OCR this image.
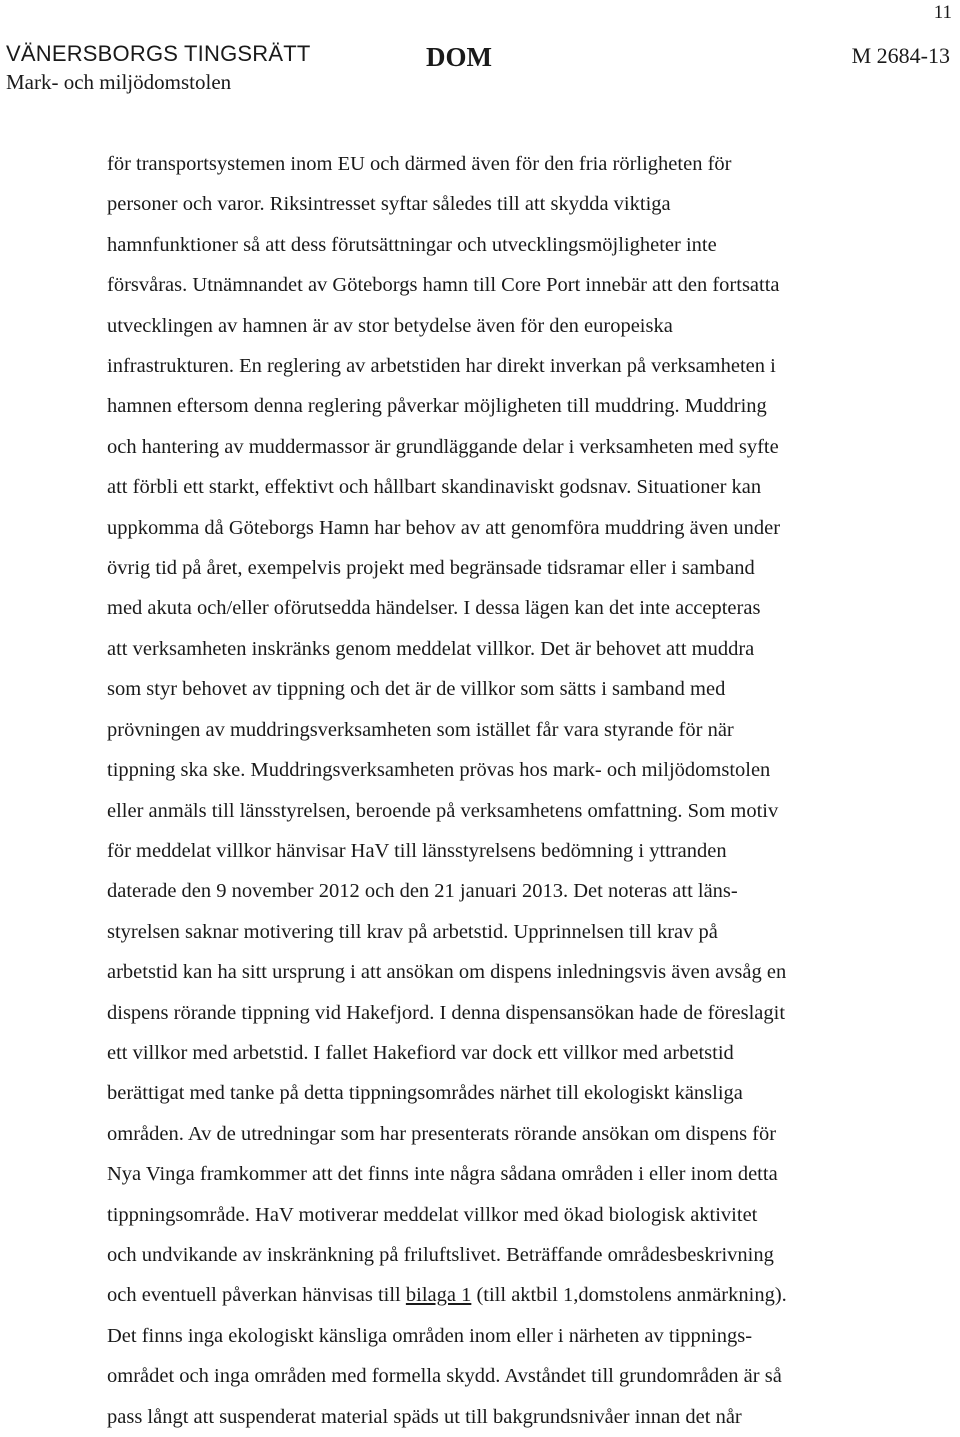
11
VÄNERSBORGS TINGSRÄTT
Mark- och miljödomstolen
DOM	M 2684-13

för transportsystemen inom EU och därmed även för den fria rörligheten för
personer och varor. Riksintresset syftar således till att skydda viktiga
hamnfunktioner så att dess förutsättningar och utvecklingsmöjligheter inte
försvåras. Utnämnandet av Göteborgs hamn till Core Port innebär att den fortsatta
utvecklingen av hamnen är av stor betydelse även för den europeiska
infrastrukturen. En reglering av arbetstiden har direkt inverkan på verksamheten i
hamnen eftersom denna reglering påverkar möjligheten till muddring. Muddring
och hantering av muddermassor är grundläggande delar i verksamheten med syfte
att förbli ett starkt, effektivt och hållbart skandinaviskt godsnav. Situationer kan
uppkomma då Göteborgs Hamn har behov av att genomföra muddring även under
övrig tid på året, exempelvis projekt med begränsade tidsramar eller i samband
med akuta och/eller oförutsedda händelser. I dessa lägen kan det inte accepteras
att verksamheten inskränks genom meddelat villkor. Det är behovet att muddra
som styr behovet av tippning och det är de villkor som sätts i samband med
prövningen av muddringsverksamheten som istället får vara styrande för när
tippning ska ske. Muddringsverksamheten prövas hos mark- och miljödomstolen
eller anmäls till länsstyrelsen, beroende på verksamhetens omfattning. Som motiv
för meddelat villkor hänvisar HaV till länsstyrelsens bedömning i yttranden
daterade den 9 november 2012 och den 21 januari 2013. Det noteras att läns-
styrelsen saknar motivering till krav på arbetstid. Upprinnelsen till krav på
arbetstid kan ha sitt ursprung i att ansökan om dispens inledningsvis även avsåg en
dispens rörande tippning vid Hakefjord. I denna dispensansökan hade de föreslagit
ett villkor med arbetstid. I fallet Hakefiord var dock ett villkor med arbetstid
berättigat med tanke på detta tippningsområdes närhet till ekologiskt känsliga
områden. Av de utredningar som har presenterats rörande ansökan om dispens för
Nya Vinga framkommer att det finns inte några sådana områden i eller inom detta
tippningsområde. HaV motiverar meddelat villkor med ökad biologisk aktivitet
och undvikande av inskränkning på friluftslivet. Beträffande områdesbeskrivning
och eventuell påverkan hänvisas till bilaga 1 (till aktbil 1,domstolens anmärkning).
Det finns inga ekologiskt känsliga områden inom eller i närheten av tippnings-
området och inga områden med formella skydd. Avståndet till grundområden är så
pass långt att suspenderat material späds ut till bakgrundsnivåer innan det når
